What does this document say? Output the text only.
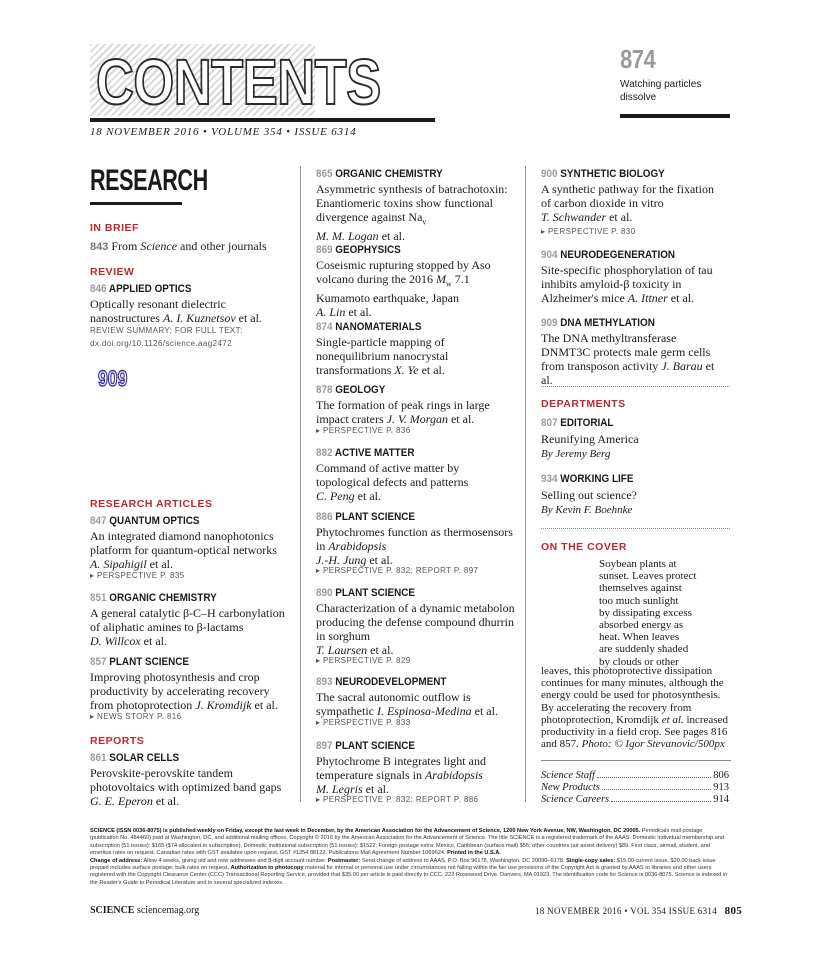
CONTENTS
18 NOVEMBER 2016 • VOLUME 354 • ISSUE 6314
874
Watching particles dissolve
RESEARCH
IN BRIEF
843 From Science and other journals
REVIEW
846 APPLIED OPTICS
Optically resonant dielectric nanostructures A. I. Kuznetsov et al.
REVIEW SUMMARY; FOR FULL TEXT:
dx.doi.org/10.1126/science.aag2472
909
RESEARCH ARTICLES
847 QUANTUM OPTICS
An integrated diamond nanophotonics platform for quantum-optical networks
A. Sipahigil et al.
▸ PERSPECTIVE P. 835
851 ORGANIC CHEMISTRY
A general catalytic β-C–H carbonylation of aliphatic amines to β-lactams
D. Willcox et al.
857 PLANT SCIENCE
Improving photosynthesis and crop productivity by accelerating recovery from photoprotection J. Kromdijk et al.
▸ NEWS STORY P. 816
REPORTS
861 SOLAR CELLS
Perovskite-perovskite tandem photovoltaics with optimized band gaps G. E. Eperon et al.
865 ORGANIC CHEMISTRY
Asymmetric synthesis of batrachotoxin: Enantiomeric toxins show functional divergence against $Na_v$
M. M. Logan et al.
869 GEOPHYSICS
Coseismic rupturing stopped by Aso volcano during the 2016 $M_w$ 7.1 Kumamoto earthquake, Japan
A. Lin et al.
874 NANOMATERIALS
Single-particle mapping of nonequilibrium nanocrystal transformations X. Ye et al.
878 GEOLOGY
The formation of peak rings in large impact craters J. V. Morgan et al.
▸ PERSPECTIVE P. 836
882 ACTIVE MATTER
Command of active matter by topological defects and patterns
C. Peng et al.
886 PLANT SCIENCE
Phytochromes function as thermosensors in Arabidopsis
J.-H. Jung et al.
▸ PERSPECTIVE P. 832; REPORT P. 897
890 PLANT SCIENCE
Characterization of a dynamic metabolon producing the defense compound dhurrin in sorghum
T. Laursen et al.
▸ PERSPECTIVE P. 829
893 NEURODEVELOPMENT
The sacral autonomic outflow is sympathetic I. Espinosa-Medina et al.
▸ PERSPECTIVE P. 833
897 PLANT SCIENCE
Phytochrome B integrates light and temperature signals in Arabidopsis
M. Legris et al.
▸ PERSPECTIVE P. 832; REPORT P. 886
900 SYNTHETIC BIOLOGY
A synthetic pathway for the fixation of carbon dioxide in vitro
T. Schwander et al.
▸ PERSPECTIVE P. 830
904 NEURODEGENERATION
Site-specific phosphorylation of tau inhibits amyloid-β toxicity in Alzheimer's mice A. Ittner et al.
909 DNA METHYLATION
The DNA methyltransferase DNMT3C protects male germ cells from transposon activity J. Barau et al.
DEPARTMENTS
807 EDITORIAL
Reunifying America
By Jeremy Berg
934 WORKING LIFE
Selling out science?
By Kevin F. Boehnke
ON THE COVER
Soybean plants at
sunset. Leaves protect
themselves against
too much sunlight
by dissipating excess
absorbed energy as
heat. When leaves
are suddenly shaded
by clouds or other
leaves, this photoprotective dissipation continues for many minutes, although the energy could be used for photosynthesis. By accelerating the recovery from photoprotection, Kromdijk et al. increased productivity in a field crop. See pages 816 and 857. Photo: © Igor Stevanovic/500px
Science Staff	806
New Products	913
Science Careers	914
SCIENCE (ISSN 0036-8075) is published weekly on Friday, except the last week in December, by the American Association for the Advancement of Science, 1200 New York Avenue, NW, Washington, DC 20005. Periodicals mail postage (publication No. 484460) paid at Washington, DC, and additional mailing offices. Copyright © 2016 by the American Association for the Advancement of Science. The title SCIENCE is a registered trademark of the AAAS. Domestic individual membership and subscription (51 issues): $165 ($74 allocated to subscription). Domestic institutional subscription (51 issues): $1522; Foreign postage extra: Mexico, Caribbean (surface mail) $55; other countries (air assist delivery) $89. First class, airmail, student, and emeritus rates on request. Canadian rates with GST available upon request, GST #1254 88122. Publications Mail Agreement Number 1069624. Printed in the U.S.A.
Change of address: Allow 4 weeks, giving old and new addresses and 8-digit account number. Postmaster: Send change of address to AAAS, P.O. Box 96178, Washington, DC 20090–6178. Single-copy sales: $15.00 current issue, $20.00 back issue prepaid includes surface postage; bulk rates on request. Authorization to photocopy material for internal or personal use under circumstances not falling within the fair use provisions of the Copyright Act is granted by AAAS to libraries and other users registered with the Copyright Clearance Center (CCC) Transactional Reporting Service, provided that $35.00 per article is paid directly to CCC, 222 Rosewood Drive, Danvers, MA 01923. The identification code for Science is 0036-8075. Science is indexed in the Reader's Guide to Periodical Literature and in several specialized indexes.
SCIENCE sciencemag.org	18 NOVEMBER 2016 • VOL 354 ISSUE 6314 805
